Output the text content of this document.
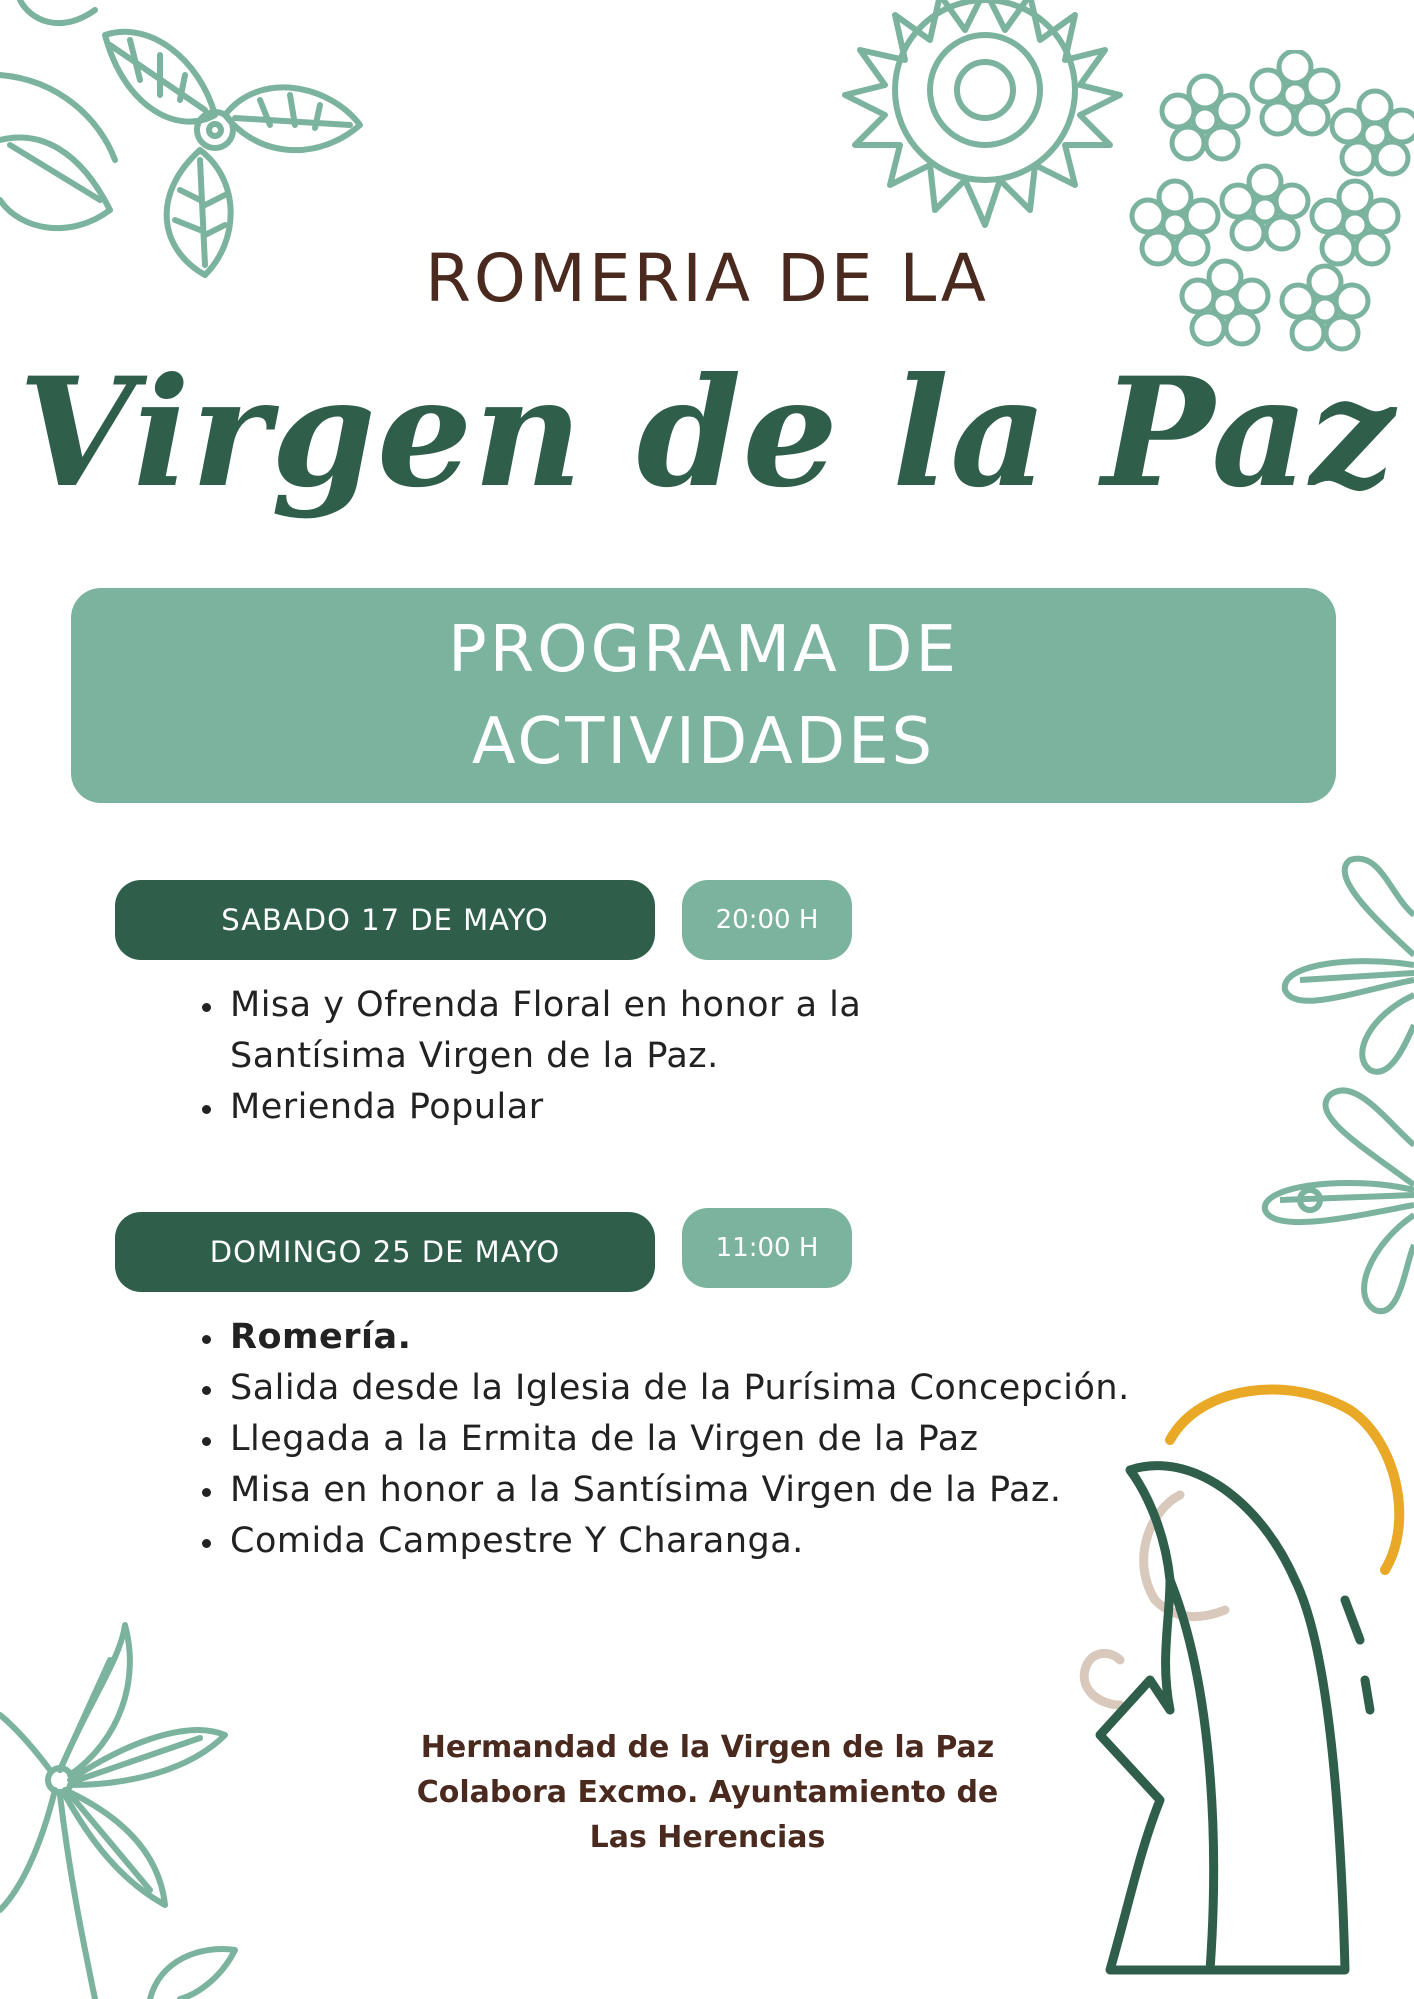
ROMERIA DE LA
Virgen de la Paz
PROGRAMA DE
ACTIVIDADES
SABADO 17 DE MAYO	20:00 H
Misa y Ofrenda Floral en honor a la
Santísima Virgen de la Paz.
Merienda Popular
DOMINGO 25 DE MAYO	11:00 H
Romería.
Salida desde la Iglesia de la Purísima Concepción.
Llegada a la Ermita de la Virgen de la Paz
Misa en honor a la Santísima Virgen de la Paz.
Comida Campestre Y Charanga.
Hermandad de la Virgen de la Paz
Colabora Excmo. Ayuntamiento de
Las Herencias
